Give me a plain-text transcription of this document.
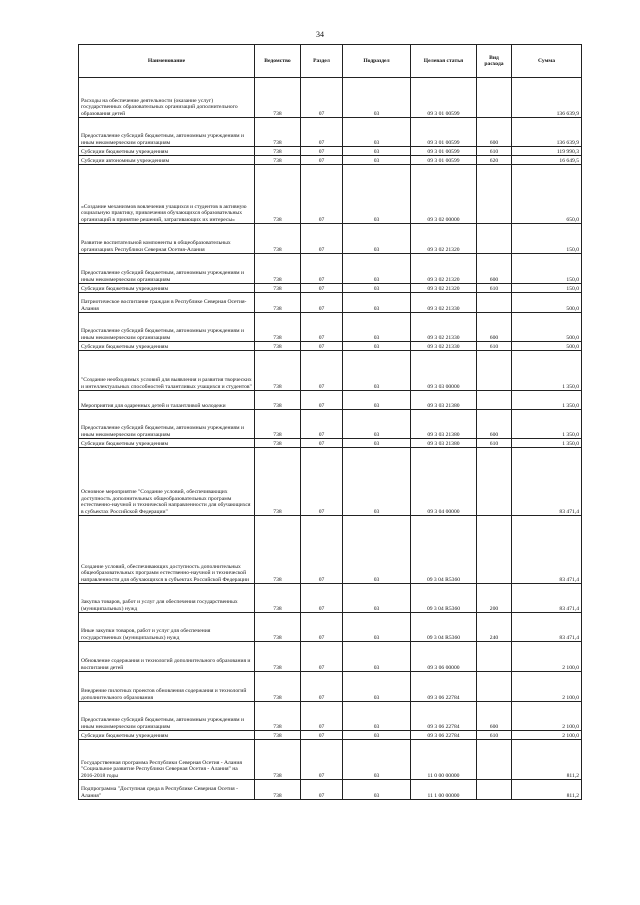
34
Наименование	Ведомство	Раздел	Подраздел	Целевая статья	Вид расхода	Сумма
Расходы на обеспечение деятельности (оказание услуг) государственных образовательных организаций дополнительного образования детей	738	07	03	09 3 01 00599		136 639,9
Предоставление субсидий бюджетным, автономным учреждениям и иным некоммерческим организациям	738	07	03	09 3 01 00599	600	136 639,9
Субсидии бюджетным учреждениям	738	07	03	09 3 01 00599	610	119 990,3
Субсидии автономным учреждениям	738	07	03	09 3 01 00599	620	16 649,5
«Создание механизмов вовлечения учащихся и студентов в активную социальную практику, привлечения обучающихся образовательных организаций в принятие решений, затрагивающих их интересы»	738	07	03	09 3 02 00000		650,0
Развитие воспитательной компоненты в общеобразовательных организациях Республики Северная Осетия-Алания	738	07	03	09 3 02 21320		150,0
Предоставление субсидий бюджетным, автономным учреждениям и иным некоммерческим организациям	738	07	03	09 3 02 21320	600	150,0
Субсидии бюджетным учреждениям	738	07	03	09 3 02 21320	610	150,0
Патриотическое воспитание граждан в Республике Северная Осетия-Алания	738	07	03	09 3 02 21330		500,0
Предоставление субсидий бюджетным, автономным учреждениям и иным некоммерческим организациям	738	07	03	09 3 02 21330	600	500,0
Субсидии бюджетным учреждениям	738	07	03	09 3 02 21330	610	500,0
"Создание необходимых условий для выявления и развития творческих и интеллектуальных способностей талантливых учащихся и студентов"	738	07	03	09 3 03 00000		1 350,0
Мероприятия для одаренных детей и талантливой молодежи	738	07	03	09 3 03 21380		1 350,0
Предоставление субсидий бюджетным, автономным учреждениям и иным некоммерческим организациям	738	07	03	09 3 03 21380	600	1 350,0
Субсидии бюджетным учреждениям	738	07	03	09 3 03 21380	610	1 350,0
Основное мероприятие "Создание условий, обеспечивающих доступность дополнительных общеобразовательных программ естественно-научной и технической направленности для обучающихся в субъектах Российской Федерации"	738	07	03	09 3 04 00000		83 471,4
Создание условий, обеспечивающих доступность дополнительных общеобразовательных программ естественно-научной и технической направленности для обучающихся в субъектах Российской Федерации	738	07	03	09 3 04 R5360		83 471,4
Закупка товаров, работ и услуг для обеспечения государственных (муниципальных) нужд	738	07	03	09 3 04 R5360	200	83 471,4
Иные закупки товаров, работ и услуг для обеспечения государственных (муниципальных) нужд	738	07	03	09 3 04 R5360	240	83 471,4
Обновление содержания и технологий дополнительного образования и воспитания детей	738	07	03	09 3 06 00000		2 100,0
Внедрение пилотных проектов обновления содержания и технологий дополнительного образования	738	07	03	09 3 06 22784		2 100,0
Предоставление субсидий бюджетным, автономным учреждениям и иным некоммерческим организациям	738	07	03	09 3 06 22784	600	2 100,0
Субсидии бюджетным учреждениям	738	07	03	09 3 06 22784	610	2 100,0
Государственная программа Республики Северная Осетия - Алания "Социальное развитие Республики Северная Осетия - Алания" на 2016-2018 годы	738	07	03	11 0 00 00000		811,2
Подпрограмма "Доступная среда в Республике Северная Осетия - Алания"	738	07	03	11 1 00 00000		811,2
